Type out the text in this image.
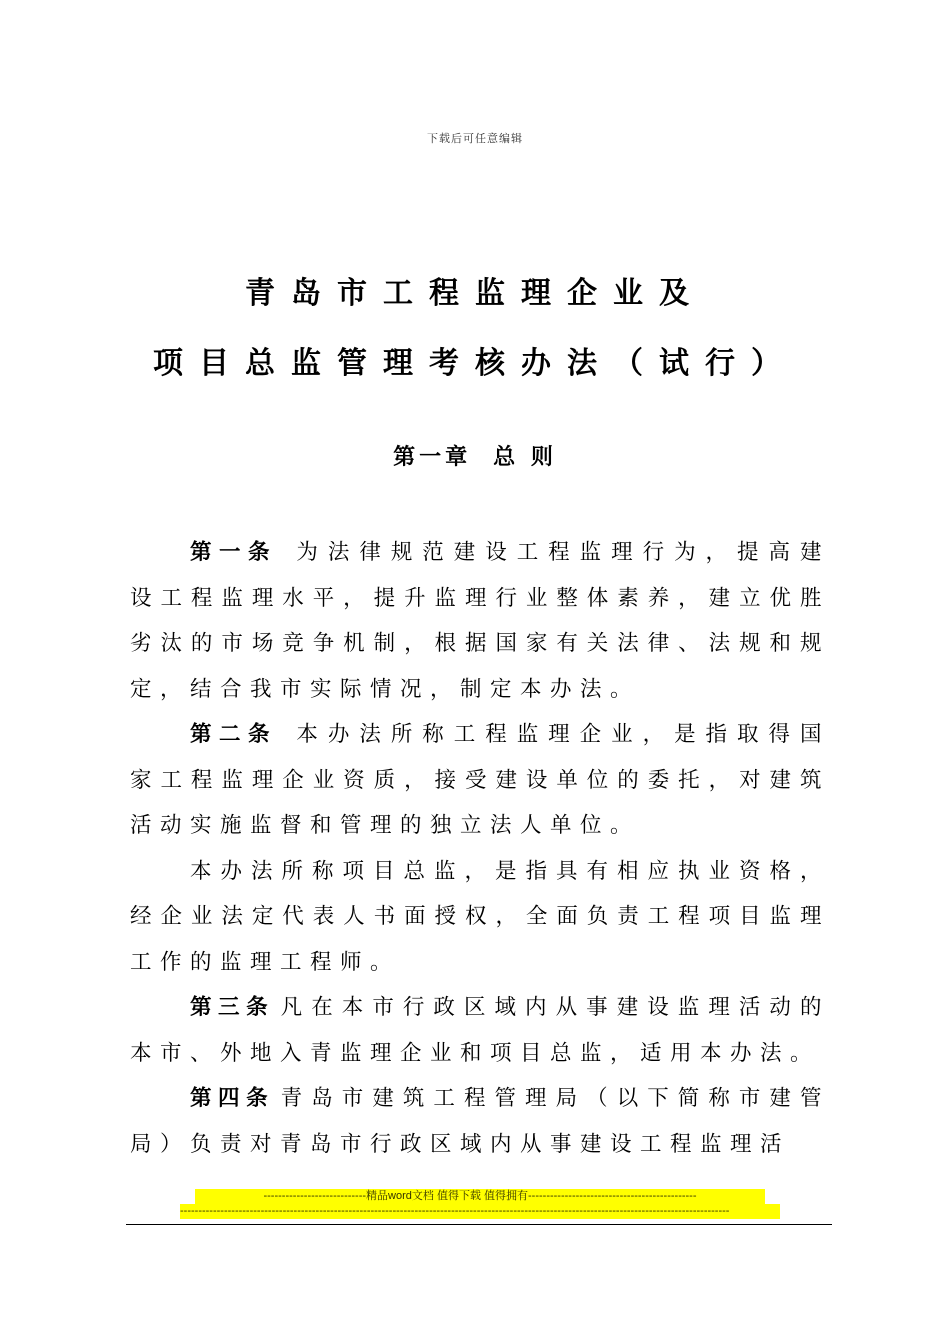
下载后可任意编辑
青岛市工程监理企业及
项目总监管理考核办法（试行）
第一章 总 则

第一条 为法律规范建设工程监理行为，提高建设工程监理水平，提升监理行业整体素养，建立优胜劣汰的市场竞争机制，根据国家有关法律、法规和规定，结合我市实际情况，制定本办法。

第二条 本办法所称工程监理企业，是指取得国家工程监理企业资质，接受建设单位的委托，对建筑活动实施监督和管理的独立法人单位。

本办法所称项目总监，是指具有相应执业资格，经企业法定代表人书面授权，全面负责工程项目监理工作的监理工程师。

第三条 凡在本市行政区域内从事建设监理活动的本市、外地入青监理企业和项目总监，适用本办法。

第四条 青岛市建筑工程管理局（以下简称市建管局）负责对青岛市行政区域内从事建设工程监理活

----------------------------精品word文档 值得下载 值得拥有----------------------------------------------
------------------------------------------------------------------------------------------------------------------------------------------------------
